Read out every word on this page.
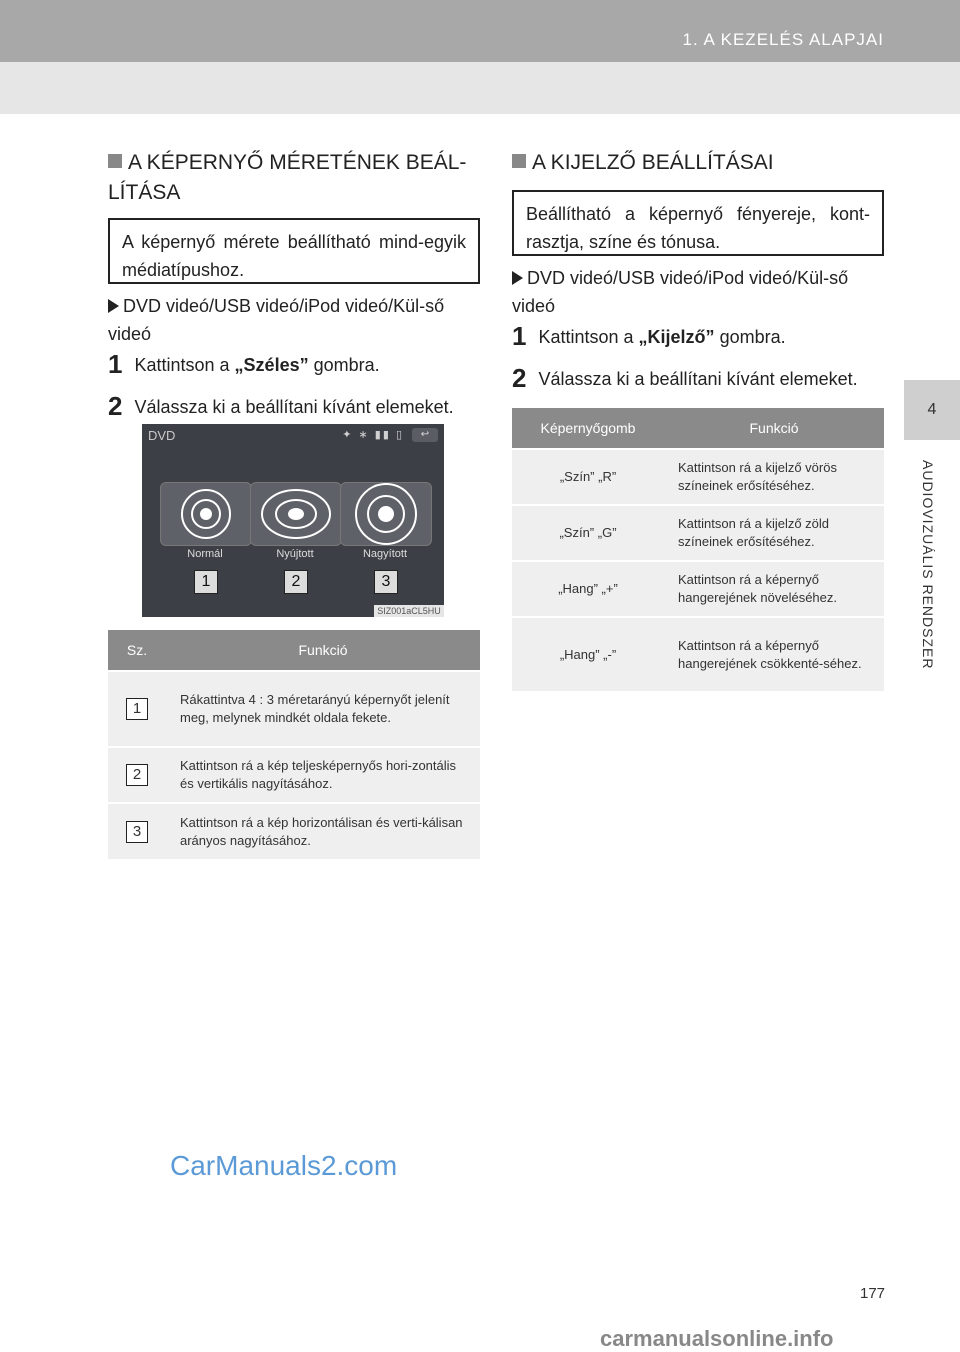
1. A KEZELÉS ALAPJAI
4
AUDIOVIZUÁLIS RENDSZER
A KÉPERNYŐ MÉRETÉNEK BEÁL-LÍTÁSA
A képernyő mérete beállítható mind-egyik médiatípushoz.
DVD videó/USB videó/iPod videó/Kül-ső videó
1 Kattintson a „Széles” gombra.
2 Válassza ki a beállítani kívánt elemeket.
DVD	✦ ∗ ▮▮ ▯	↩
Normál	Nyújtott	Nagyított
1	2	3
SIZ001aCL5HU
Sz.	Funkció
1	Rákattintva 4 : 3 méretarányú képernyőt jelenít meg, melynek mindkét oldala fekete.
2	Kattintson rá a kép teljesképernyős hori-zontális és vertikális nagyításához.
3	Kattintson rá a kép horizontálisan és verti-kálisan arányos nagyításához.
A KIJELZŐ BEÁLLÍTÁSAI
Beállítható a képernyő fényereje, kont-rasztja, színe és tónusa.
DVD videó/USB videó/iPod videó/Kül-ső videó
1 Kattintson a „Kijelző” gombra.
2 Válassza ki a beállítani kívánt elemeket.
Képernyőgomb	Funkció
„Szín” „R”	Kattintson rá a kijelző vörös színeinek erősítéséhez.
„Szín” „G”	Kattintson rá a kijelző zöld színeinek erősítéséhez.
„Hang” „+”	Kattintson rá a képernyő hangerejének növeléséhez.
„Hang” „-”	Kattintson rá a képernyő hangerejének csökkenté-séhez.
177
CarManuals2.com
carmanualsonline.info
